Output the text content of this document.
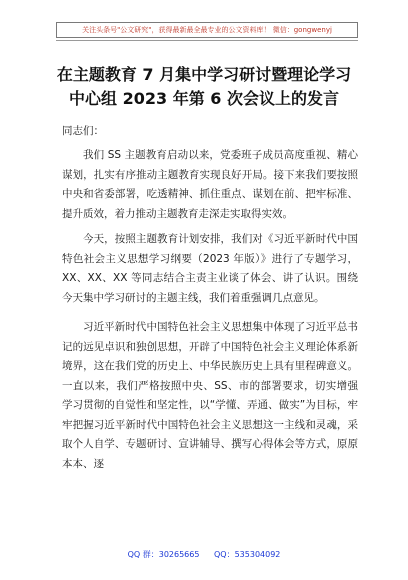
关注头条号"公文研究"，获得最新最全最专业的公文资料库！ 微信：gongwenyj
在主题教育 7 月集中学习研讨暨理论学习
中心组 2023 年第 6 次会议上的发言
同志们：

我们 SS 主题教育启动以来，党委班子成员高度重视、精心谋划，扎实有序推动主题教育实现良好开局。接下来我们要按照中央和省委部署，吃透精神、抓住重点、谋划在前、把牢标准、提升质效，着力推动主题教育走深走实取得实效。

今天，按照主题教育计划安排，我们对《习近平新时代中国特色社会主义思想学习纲要（2023 年版）》进行了专题学习，XX、XX、XX 等同志结合主责主业谈了体会、讲了认识。围绕今天集中学习研讨的主题主线，我们着重强调几点意见。

习近平新时代中国特色社会主义思想集中体现了习近平总书记的远见卓识和独创思想，开辟了中国特色社会主义理论体系新境界，这在我们党的历史上、中华民族历史上具有里程碑意义。一直以来，我们严格按照中央、SS、市的部署要求，切实增强学习贯彻的自觉性和坚定性，以“学懂、弄通、做实”为目标，牢牢把握习近平新时代中国特色社会主义思想这一主线和灵魂，采取个人自学、专题研讨、宣讲辅导、撰写心得体会等方式，原原本本、逐

QQ 群：30265665 QQ：535304092
